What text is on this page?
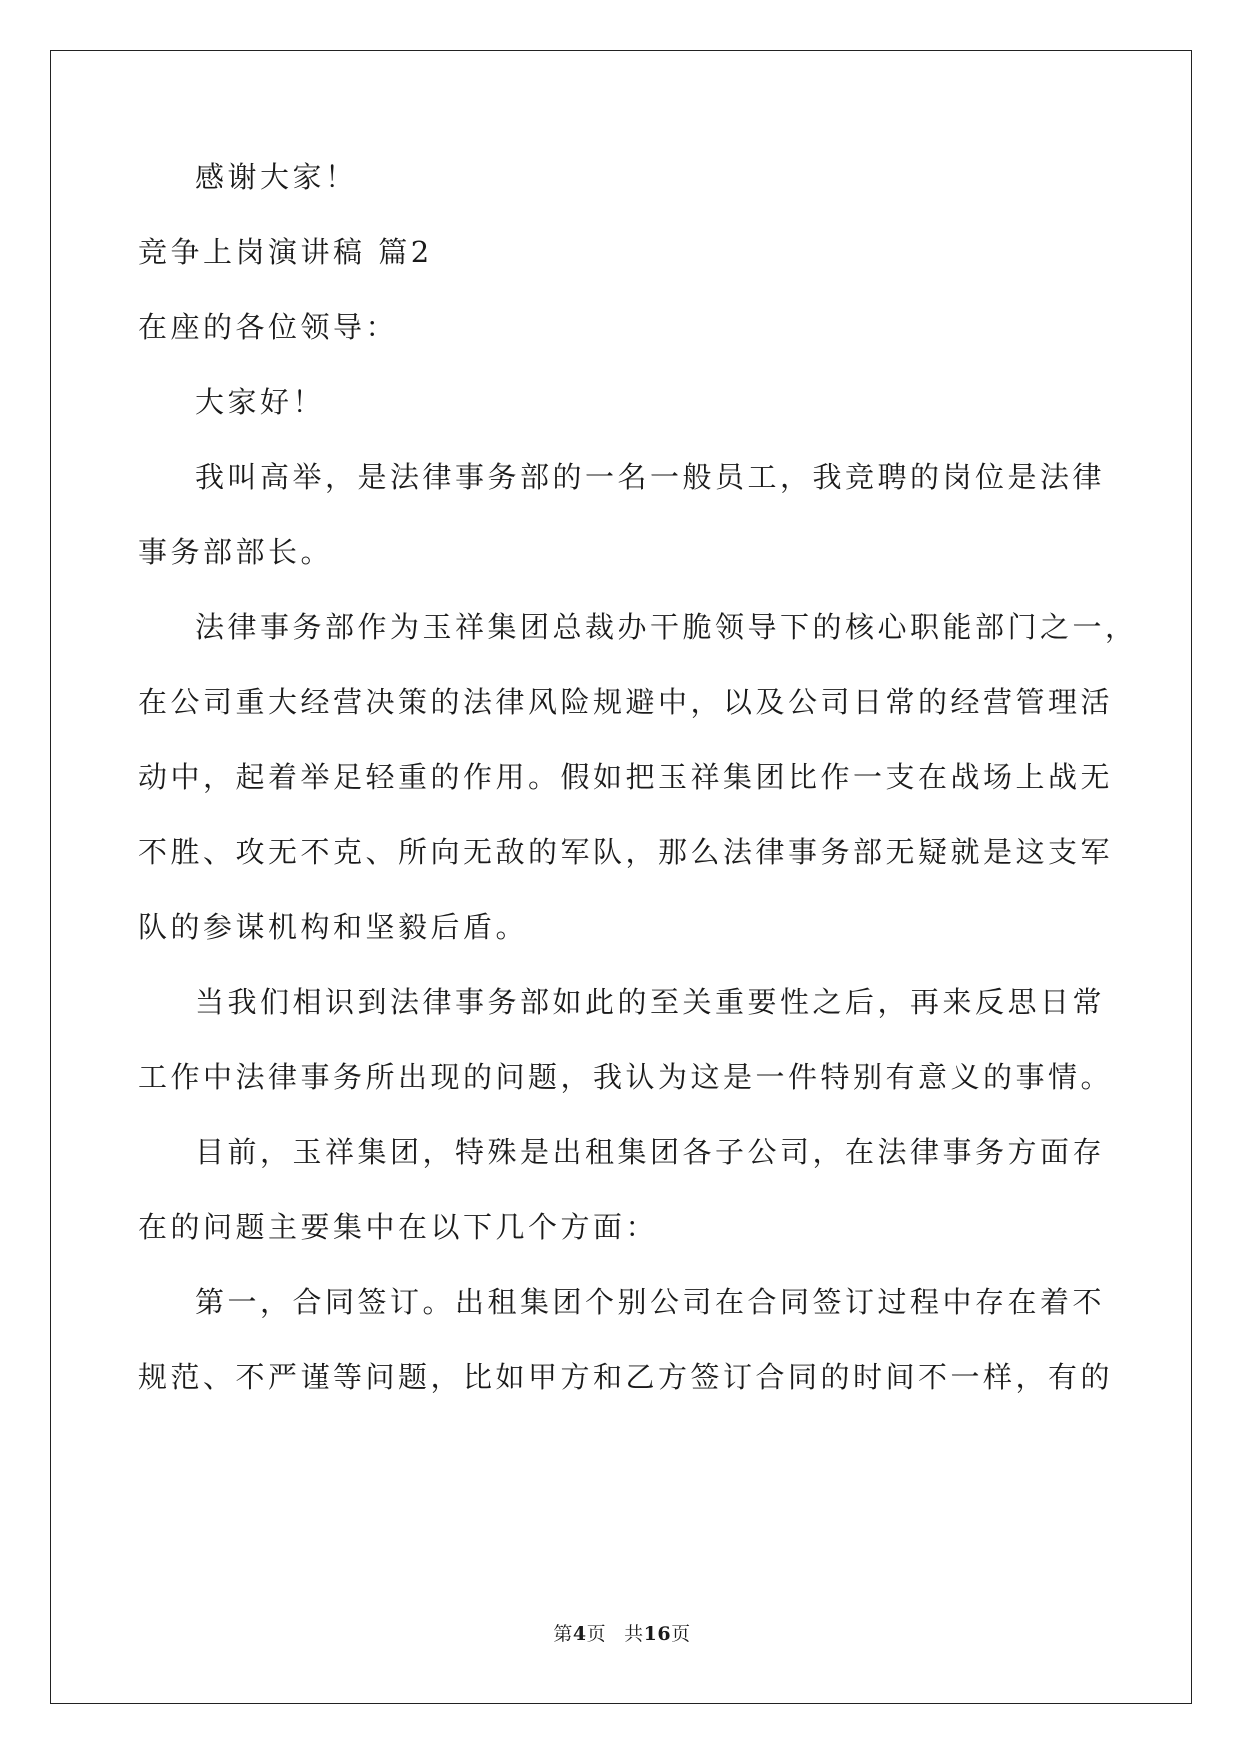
感谢大家！
竞争上岗演讲稿 篇2
在座的各位领导：
大家好！
我叫高举，是法律事务部的一名一般员工，我竞聘的岗位是法律
事务部部长。
法律事务部作为玉祥集团总裁办干脆领导下的核心职能部门之一，
在公司重大经营决策的法律风险规避中，以及公司日常的经营管理活
动中，起着举足轻重的作用。假如把玉祥集团比作一支在战场上战无
不胜、攻无不克、所向无敌的军队，那么法律事务部无疑就是这支军
队的参谋机构和坚毅后盾。
当我们相识到法律事务部如此的至关重要性之后，再来反思日常
工作中法律事务所出现的问题，我认为这是一件特别有意义的事情。
目前，玉祥集团，特殊是出租集团各子公司，在法律事务方面存
在的问题主要集中在以下几个方面：
第一，合同签订。出租集团个别公司在合同签订过程中存在着不
规范、不严谨等问题，比如甲方和乙方签订合同的时间不一样，有的
第4页 共16页
